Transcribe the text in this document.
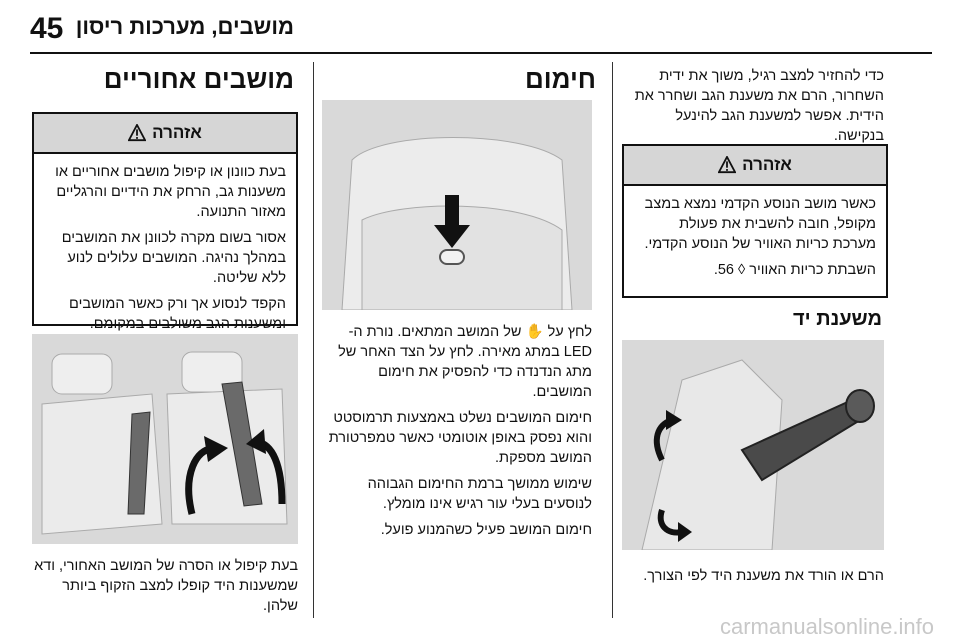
45 מושבים, מערכות ריסון
כדי להחזיר למצב רגיל, משוך את ידית השחרור, הרם את משענת הגב ושחרר את הידית. אפשר למשענת הגב להינעל בנקישה.
אזהרה

כאשר מושב הנוסע הקדמי נמצא במצב מקופל, חובה להשבית את פעולת מערכת כריות האוויר של הנוסע הקדמי.

השבתת כריות האוויר ◊ 56.

משענת יד
הרם או הורד את משענת היד לפי הצורך.
חימום

לחץ על ✋ של המושב המתאים. נורת ה-LED במתג מאירה. לחץ על הצד האחר של מתג הנדנדה כדי להפסיק את חימום המושבים.

חימום המושבים נשלט באמצעות תרמוסטט והוא נפסק באופן אוטומטי כאשר טמפרטורת המושב מספקת.

שימוש ממושך ברמת החימום הגבוהה לנוסעים בעלי עור רגיש אינו מומלץ.

חימום המושב פעיל כשהמנוע פועל.

מושבים אחוריים
אזהרה

בעת כוונון או קיפול מושבים אחוריים או משענות גב, הרחק את הידיים והרגליים מאזור התנועה.

אסור בשום מקרה לכוונן את המושבים במהלך נהיגה. המושבים עלולים לנוע ללא שליטה.

הקפד לנסוע אך ורק כאשר המושבים ומשענות הגב משולבים במקומם.

בעת קיפול או הסרה של המושב האחורי, ודא שמשענות היד קופלו למצב הזקוף ביותר שלהן.
carmanualsonline.info
